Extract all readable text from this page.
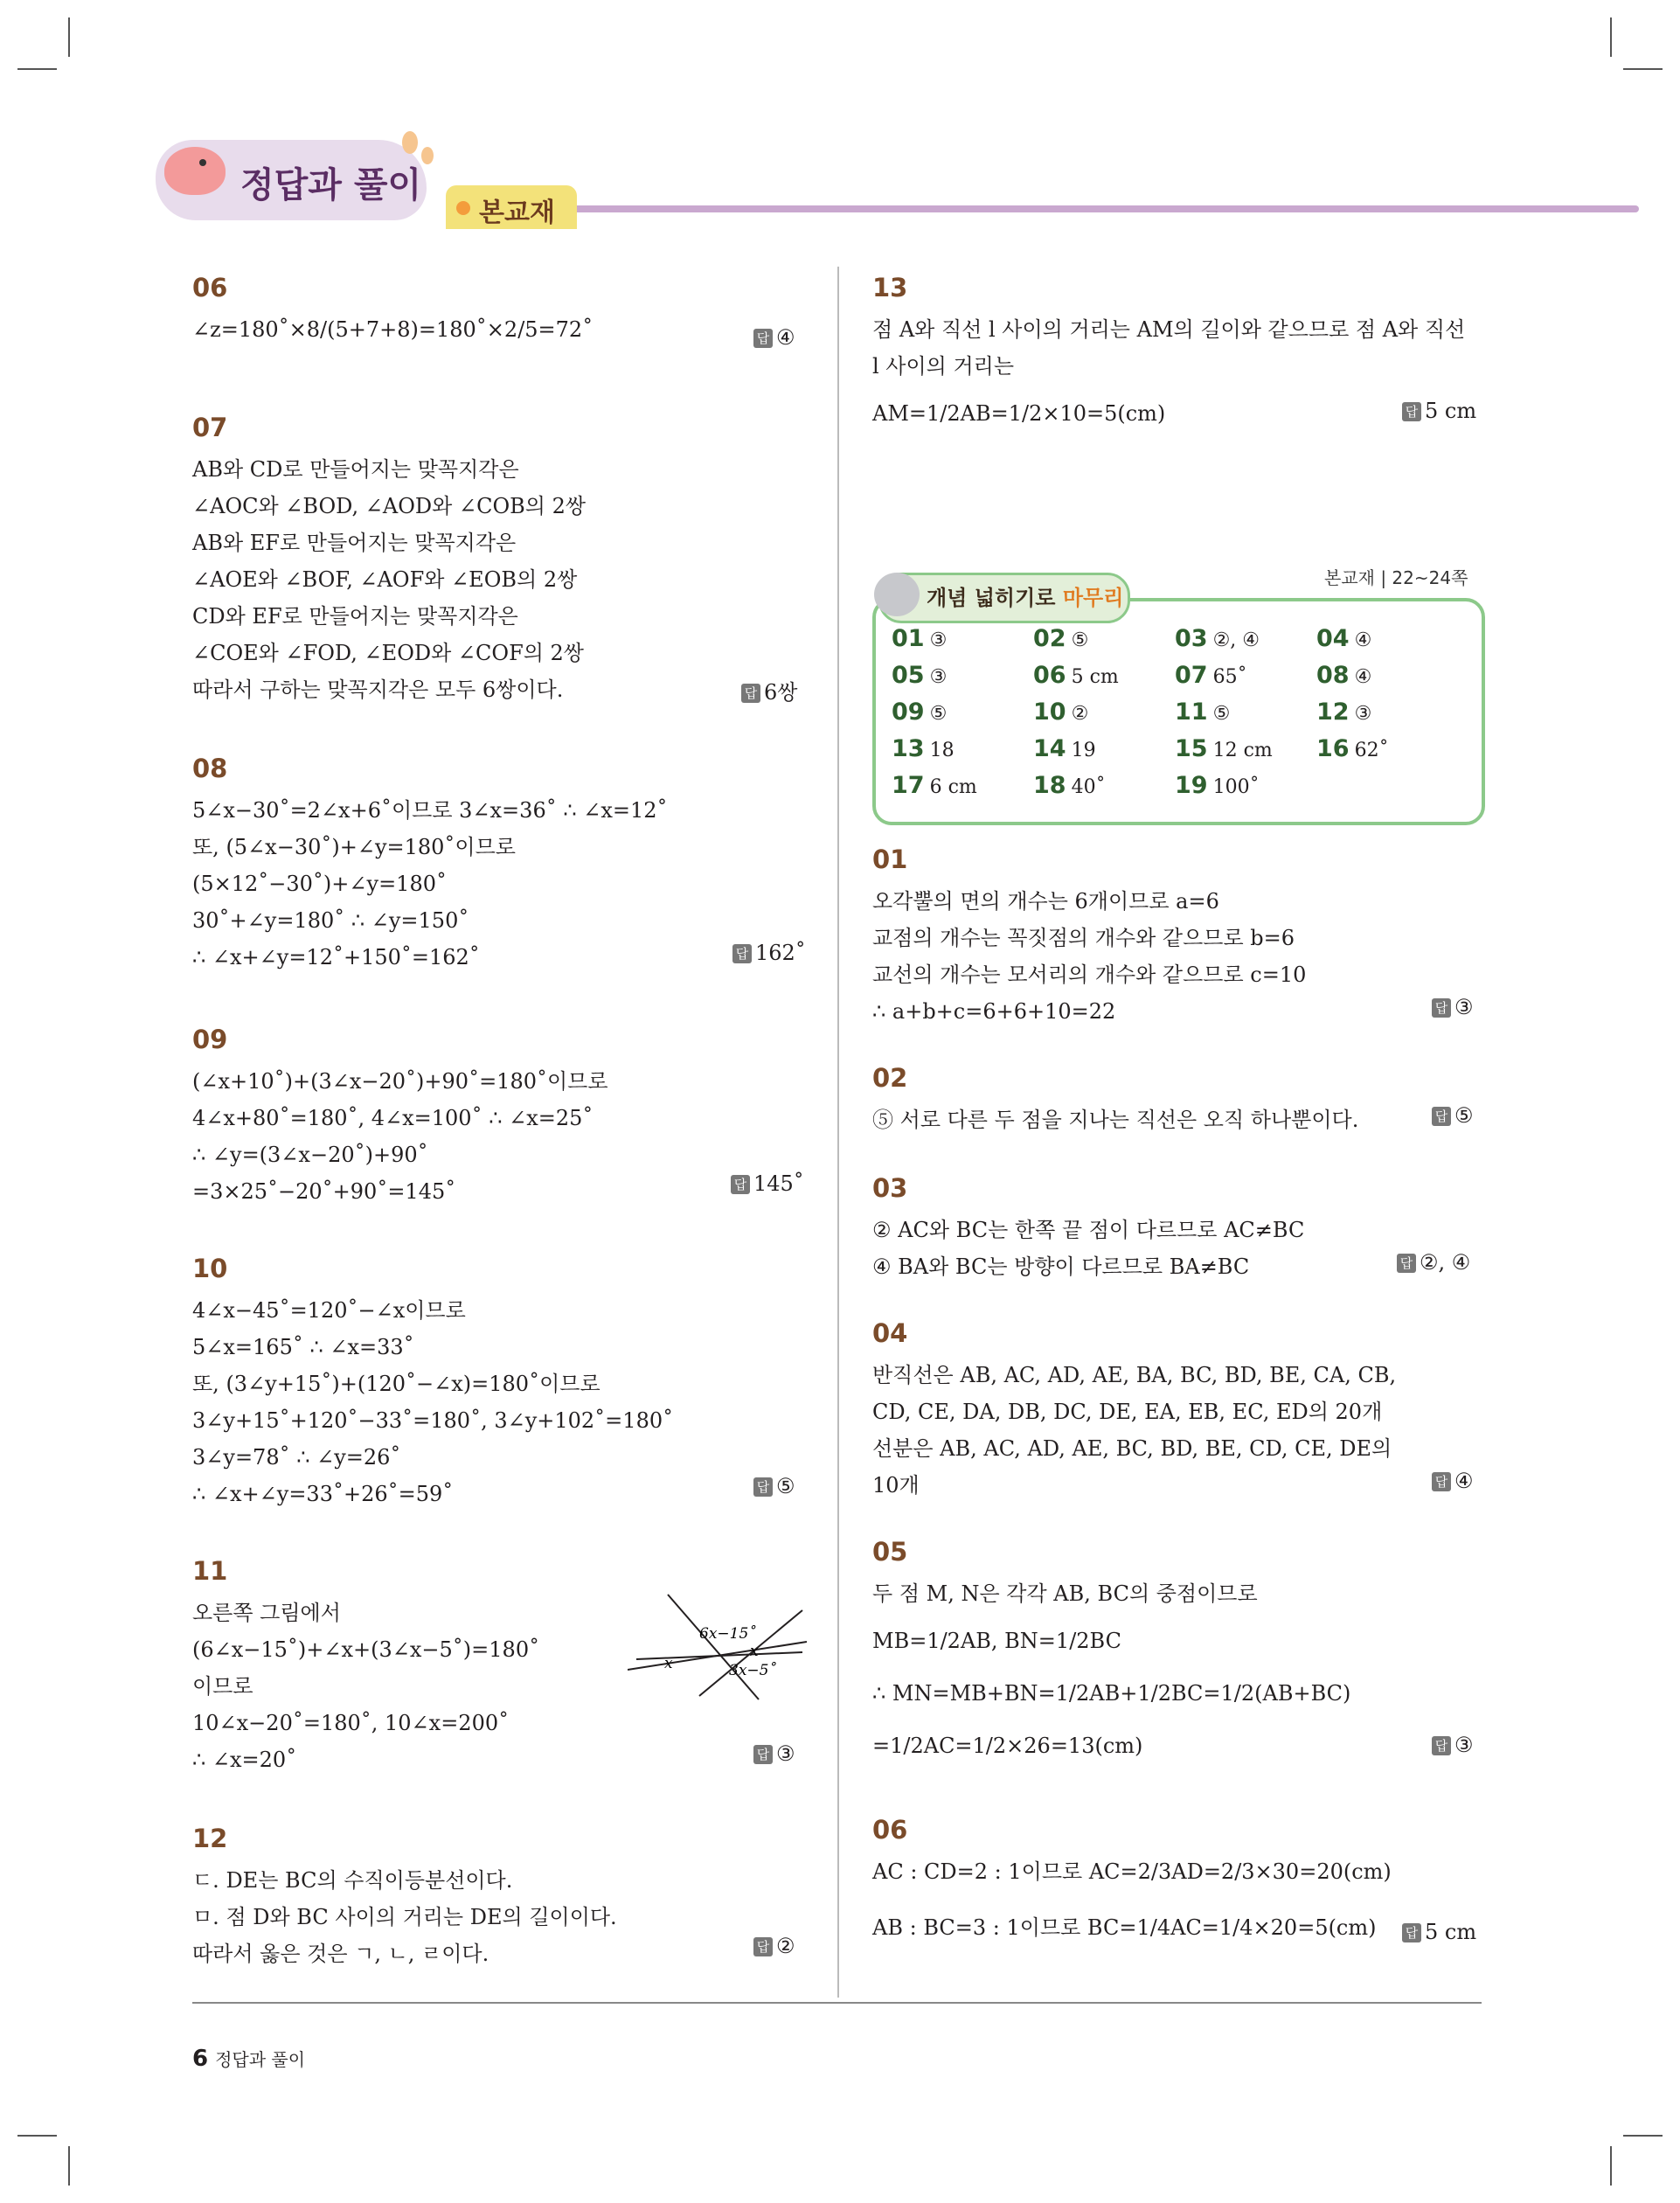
정답과 풀이
본교재
06
∠z=180˚×8/(5+7+8)=180˚×2/5=72˚	답 ④
07
AB와 CD로 만들어지는 맞꼭지각은
∠AOC와 ∠BOD, ∠AOD와 ∠COB의 2쌍
AB와 EF로 만들어지는 맞꼭지각은
∠AOE와 ∠BOF, ∠AOF와 ∠EOB의 2쌍
CD와 EF로 만들어지는 맞꼭지각은
∠COE와 ∠FOD, ∠EOD와 ∠COF의 2쌍
따라서 구하는 맞꼭지각은 모두 6쌍이다.	답 6쌍
08
5∠x−30˚=2∠x+6˚이므로 3∠x=36˚ ∴ ∠x=12˚
또, (5∠x−30˚)+∠y=180˚이므로
(5×12˚−30˚)+∠y=180˚
30˚+∠y=180˚ ∴ ∠y=150˚
∴ ∠x+∠y=12˚+150˚=162˚	답 162˚
09
(∠x+10˚)+(3∠x−20˚)+90˚=180˚이므로
4∠x+80˚=180˚, 4∠x=100˚ ∴ ∠x=25˚
∴ ∠y=(3∠x−20˚)+90˚
=3×25˚−20˚+90˚=145˚	답 145˚
10
4∠x−45˚=120˚−∠x이므로
5∠x=165˚ ∴ ∠x=33˚
또, (3∠y+15˚)+(120˚−∠x)=180˚이므로
3∠y+15˚+120˚−33˚=180˚, 3∠y+102˚=180˚
3∠y=78˚ ∴ ∠y=26˚
∴ ∠x+∠y=33˚+26˚=59˚	답 ⑤
11
오른쪽 그림에서
(6∠x−15˚)+∠x+(3∠x−5˚)=180˚
이므로
10∠x−20˚=180˚, 10∠x=200˚
∴ ∠x=20˚	답 ③
6x−15˚
x
x	3x−5˚
12
ㄷ. DE는 BC의 수직이등분선이다.
ㅁ. 점 D와 BC 사이의 거리는 DE의 길이이다.
따라서 옳은 것은 ㄱ, ㄴ, ㄹ이다.	답 ②
13
점 A와 직선 l 사이의 거리는 AM의 길이와 같으므로 점 A와 직선
l 사이의 거리는
AM=1/2AB=1/2×10=5(cm)	답 5 cm
본교재 | 22~24쪽
개념 넓히기로 마무리
01 ③	02 ⑤	03 ②, ④ 04 ④
05 ③	06 5 cm 07 65˚	08 ④
09 ⑤	10 ②	11 ⑤	12 ③
13 18	14 19	15 12 cm 16 62˚
17 6 cm 18 40˚	19 100˚
01
오각뿔의 면의 개수는 6개이므로 a=6
교점의 개수는 꼭짓점의 개수와 같으므로 b=6
교선의 개수는 모서리의 개수와 같으므로 c=10
∴ a+b+c=6+6+10=22	답 ③
02
⑤ 서로 다른 두 점을 지나는 직선은 오직 하나뿐이다.	답 ⑤
03
② AC와 BC는 한쪽 끝 점이 다르므로 AC≠BC
④ BA와 BC는 방향이 다르므로 BA≠BC	답 ②, ④
04
반직선은 AB, AC, AD, AE, BA, BC, BD, BE, CA, CB,
CD, CE, DA, DB, DC, DE, EA, EB, EC, ED의 20개
선분은 AB, AC, AD, AE, BC, BD, BE, CD, CE, DE의
10개	답 ④
05
두 점 M, N은 각각 AB, BC의 중점이므로
MB=1/2AB, BN=1/2BC
∴ MN=MB+BN=1/2AB+1/2BC=1/2(AB+BC)
=1/2AC=1/2×26=13(cm)	답 ③
06
AC : CD=2 : 1이므로 AC=2/3AD=2/3×30=20(cm)
AB : BC=3 : 1이므로 BC=1/4AC=1/4×20=5(cm)	답 5 cm
6 정답과 풀이
